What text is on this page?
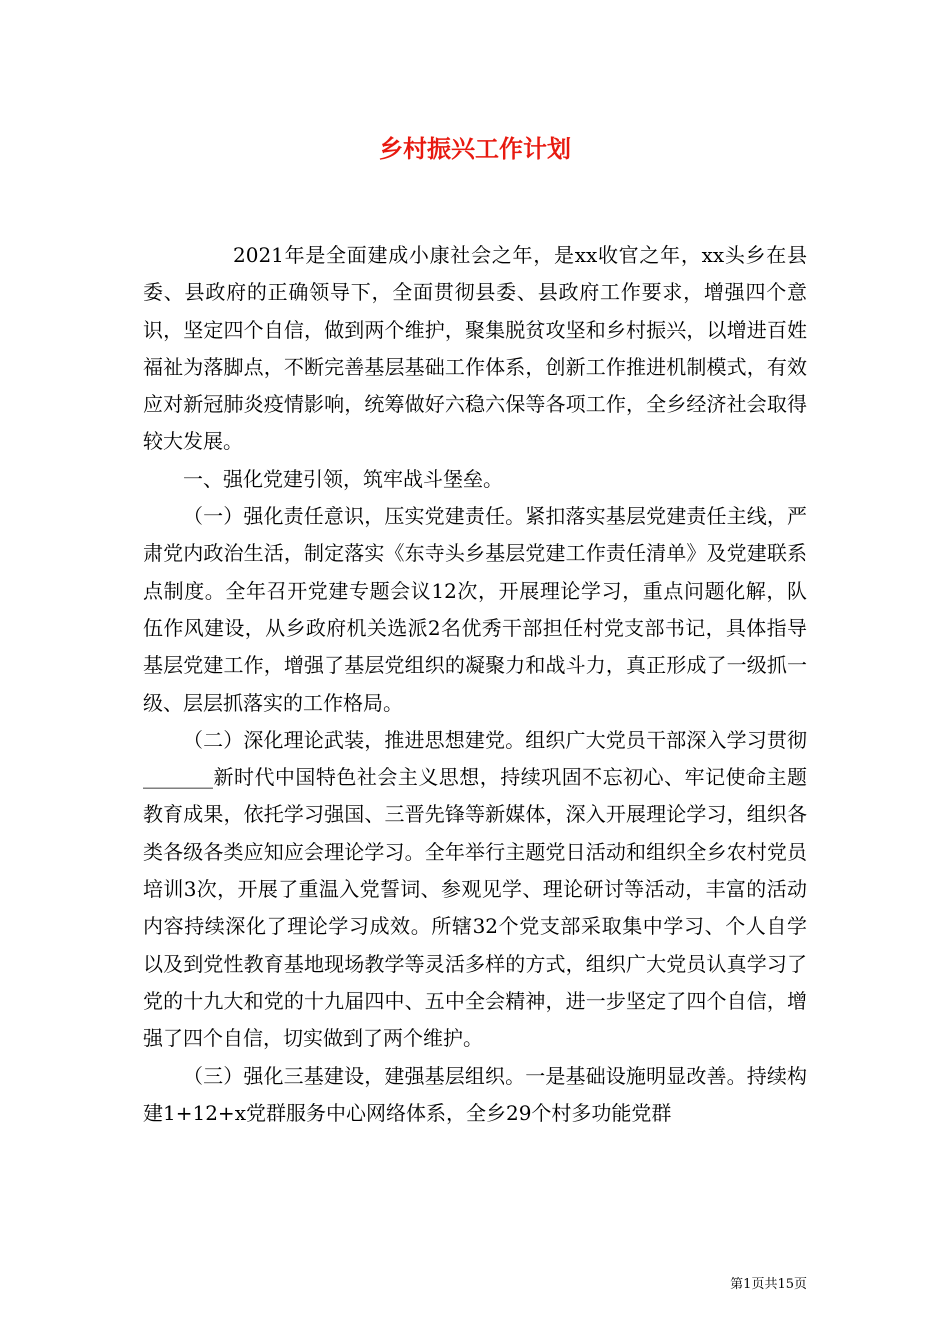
乡村振兴工作计划

2021年是全面建成小康社会之年，是xx收官之年，xx头乡在县委、县政府的正确领导下，全面贯彻县委、县政府工作要求，增强四个意识，坚定四个自信，做到两个维护，聚集脱贫攻坚和乡村振兴，以增进百姓福祉为落脚点，不断完善基层基础工作体系，创新工作推进机制模式，有效应对新冠肺炎疫情影响，统筹做好六稳六保等各项工作，全乡经济社会取得较大发展。

一、强化党建引领，筑牢战斗堡垒。

（一）强化责任意识，压实党建责任。紧扣落实基层党建责任主线，严肃党内政治生活，制定落实《东寺头乡基层党建工作责任清单》及党建联系点制度。全年召开党建专题会议12次，开展理论学习，重点问题化解，队伍作风建设，从乡政府机关选派2名优秀干部担任村党支部书记，具体指导基层党建工作，增强了基层党组织的凝聚力和战斗力，真正形成了一级抓一级、层层抓落实的工作格局。

（二）深化理论武装，推进思想建党。组织广大党员干部深入学习贯彻_______新时代中国特色社会主义思想，持续巩固不忘初心、牢记使命主题教育成果，依托学习强国、三晋先锋等新媒体，深入开展理论学习，组织各类各级各类应知应会理论学习。全年举行主题党日活动和组织全乡农村党员培训3次，开展了重温入党誓词、参观见学、理论研讨等活动，丰富的活动内容持续深化了理论学习成效。所辖32个党支部采取集中学习、个人自学以及到党性教育基地现场教学等灵活多样的方式，组织广大党员认真学习了党的十九大和党的十九届四中、五中全会精神，进一步坚定了四个自信，增强了四个自信，切实做到了两个维护。

（三）强化三基建设，建强基层组织。一是基础设施明显改善。持续构建1+12+x党群服务中心网络体系，全乡29个村多功能党群

第1页共15页
